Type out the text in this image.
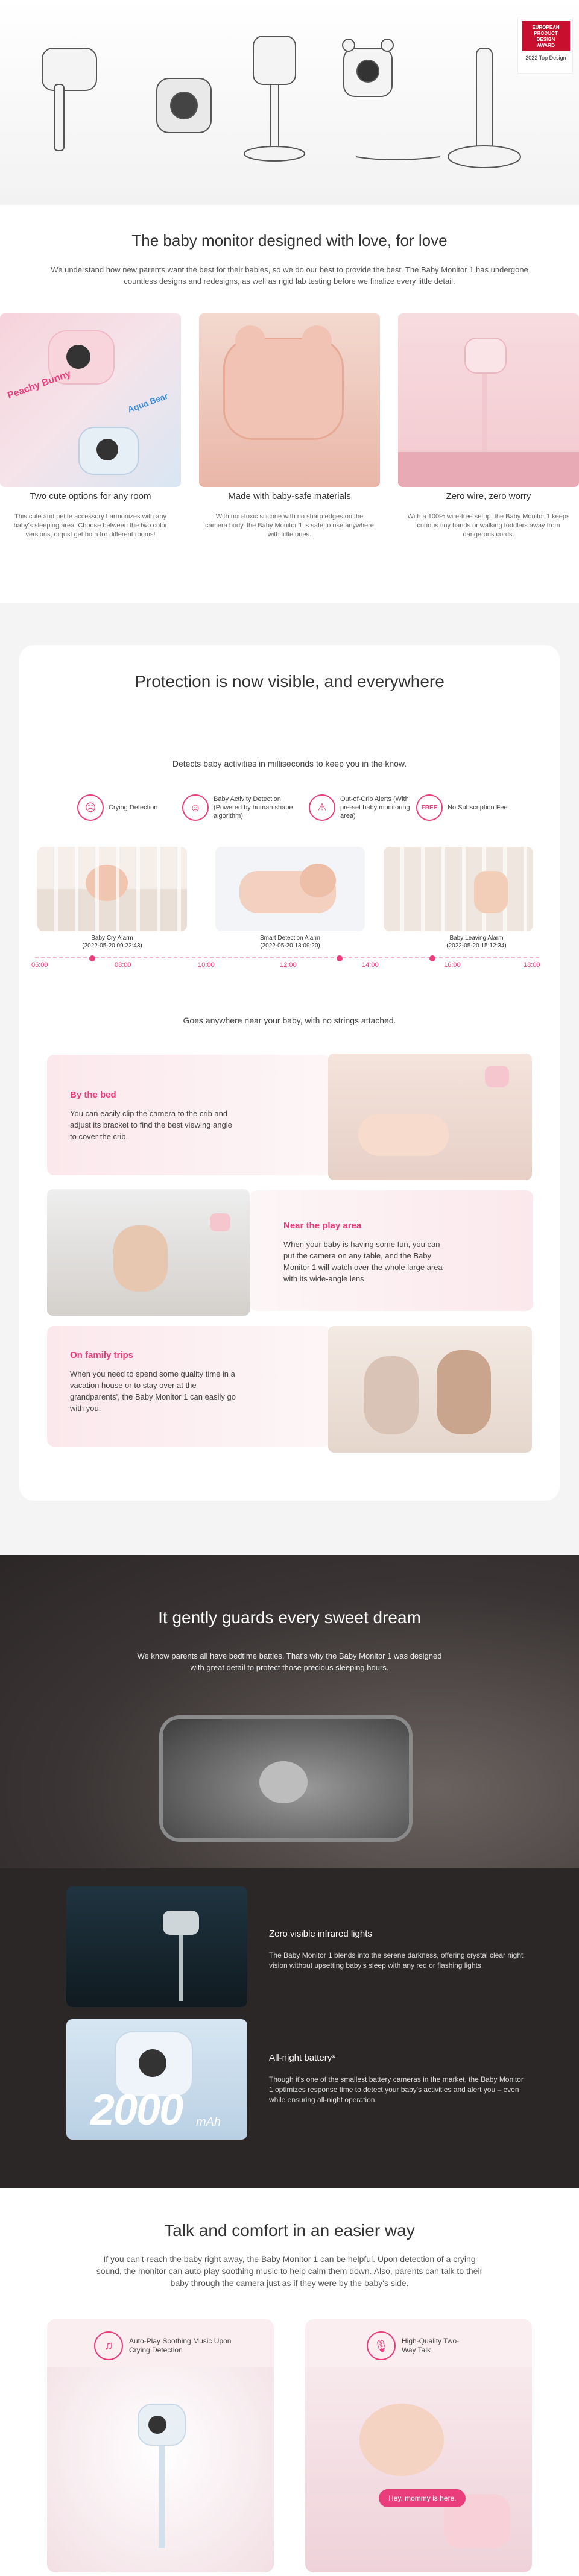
EUROPEAN
PRODUCT
DESIGN
AWARD
2022 Top Design
The baby monitor designed with love, for love

We understand how new parents want the best for their babies, so we do our best to provide the best. The Baby Monitor 1 has undergone countless designs and redesigns, as well as rigid lab testing before we finalize every little detail.

Peachy Bunny
Aqua Bear
Two cute options for any room
This cute and petite accessory harmonizes with any baby's sleeping area. Choose between the two color versions, or just get both for different rooms!
Made with baby-safe materials
With non-toxic silicone with no sharp edges on the camera body, the Baby Monitor 1 is safe to use anywhere with little ones.
Zero wire, zero worry
With a 100% wire-free setup, the Baby Monitor 1 keeps curious tiny hands or walking toddlers away from dangerous cords.
Protection is now visible, and everywhere
Detects baby activities in milliseconds to keep you in the know.
☹	Crying Detection	☺
Baby Activity Detection (Powered by human shape algorithm)
⚠
Out-of-Crib Alerts (With pre-set baby monitoring area)
FREE	No Subscription Fee
Baby Cry Alarm
(2022-05-20 09:22:43)
Smart Detection Alarm
(2022-05-20 13:09:20)
Baby Leaving Alarm
(2022-05-20 15:12:34)
06:00	08:00	10:00	12:00	14:00	16:00	18:00
Goes anywhere near your baby, with no strings attached.
By the bed
You can easily clip the camera to the crib and adjust its bracket to find the best viewing angle to cover the crib.
Near the play area
When your baby is having some fun, you can put the camera on any table, and the Baby Monitor 1 will watch over the whole large area with its wide-angle lens.
On family trips
When you need to spend some quality time in a vacation house or to stay over at the grandparents', the Baby Monitor 1 can easily go with you.
It gently guards every sweet dream

We know parents all have bedtime battles. That's why the Baby Monitor 1 was designed with great detail to protect those precious sleeping hours.

Zero visible infrared lights
The Baby Monitor 1 blends into the serene darkness, offering crystal clear night vision without upsetting baby's sleep with any red or flashing lights.
2000 mAh
All-night battery*
Though it's one of the smallest battery cameras in the market, the Baby Monitor 1 optimizes response time to detect your baby's activities and alert you – even while ensuring all-night operation.
Talk and comfort in an easier way

If you can't reach the baby right away, the Baby Monitor 1 can be helpful. Upon detection of a crying sound, the monitor can auto-play soothing music to help calm them down. Also, parents can talk to their baby through the camera just as if they were by the baby's side.

♫	Auto-Play Soothing Music Upon Crying Detection	🎙	High-Quality Two-Way Talk
Hey, mommy is here.
